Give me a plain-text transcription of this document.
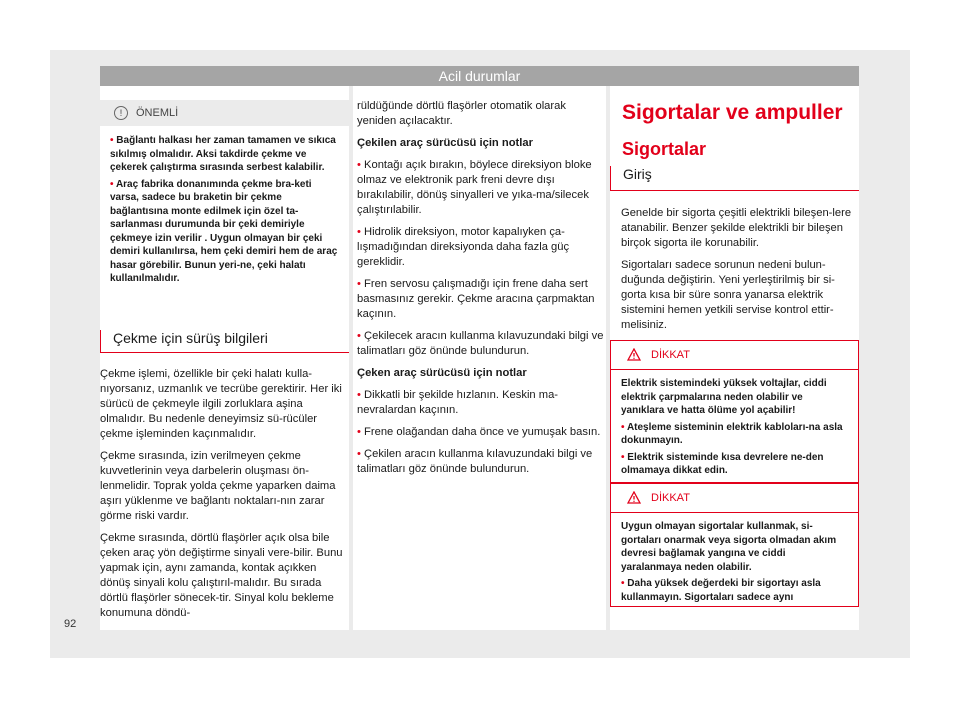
Acil durumlar
! ÖNEMLİ

• Bağlantı halkası her zaman tamamen ve sıkıca sıkılmış olmalıdır. Aksi takdirde çekme ve çekerek çalıştırma sırasında serbest kalabilir.

• Araç fabrika donanımında çekme bra-keti varsa, sadece bu braketin bir çekme bağlantısına monte edilmek için özel ta-sarlanması durumunda bir çeki demiriyle çekmeye izin verilir . Uygun olmayan bir çeki demiri kullanılırsa, hem çeki demiri hem de araç hasar görebilir. Bunun yeri-ne, çeki halatı kullanılmalıdır.

Çekme için sürüş bilgileri

Çekme işlemi, özellikle bir çeki halatı kulla-nıyorsanız, uzmanlık ve tecrübe gerektirir. Her iki sürücü de çekmeyle ilgili zorluklara aşina olmalıdır. Bu nedenle deneyimsiz sü-rücüler çekme işleminden kaçınmalıdır.

Çekme sırasında, izin verilmeyen çekme kuvvetlerinin veya darbelerin oluşması ön-lenmelidir. Toprak yolda çekme yaparken daima aşırı yüklenme ve bağlantı noktaları-nın zarar görme riski vardır.

Çekme sırasında, dörtlü flaşörler açık olsa bile çeken araç yön değiştirme sinyali vere-bilir. Bunu yapmak için, aynı zamanda, kontak açıkken dönüş sinyali kolu çalıştırıl-malıdır. Bu sırada dörtlü flaşörler sönecek-tir. Sinyal kolu bekleme konumuna döndü-

rüldüğünde dörtlü flaşörler otomatik olarak yeniden açılacaktır.

Çekilen araç sürücüsü için notlar

• Kontağı açık bırakın, böylece direksiyon bloke olmaz ve elektronik park freni devre dışı bırakılabilir, dönüş sinyalleri ve yıka-ma/silecek çalıştırılabilir.

• Hidrolik direksiyon, motor kapalıyken ça-lışmadığından direksiyonda daha fazla güç gereklidir.

• Fren servosu çalışmadığı için frene daha sert basmasınız gerekir. Çekme aracına çarpmaktan kaçının.

• Çekilecek aracın kullanma kılavuzundaki bilgi ve talimatları göz önünde bulundurun.

Çeken araç sürücüsü için notlar

• Dikkatli bir şekilde hızlanın. Keskin ma-nevralardan kaçının.

• Frene olağandan daha önce ve yumuşak basın.

• Çekilen aracın kullanma kılavuzundaki bilgi ve talimatları göz önünde bulundurun.

Sigortalar ve ampuller
Sigortalar
Giriş

Genelde bir sigorta çeşitli elektrikli bileşen-lere atanabilir. Benzer şekilde elektrikli bir bileşen birçok sigorta ile korunabilir.

Sigortaları sadece sorunun nedeni bulun-duğunda değiştirin. Yeni yerleştirilmiş bir si-gorta kısa bir süre sonra yanarsa elektrik sistemini hemen yetkili servise kontrol ettir-melisiniz.

DİKKAT

Elektrik sistemindeki yüksek voltajlar, ciddi elektrik çarpmalarına neden olabilir ve yanıklara ve hatta ölüme yol açabilir!

• Ateşleme sisteminin elektrik kabloları-na asla dokunmayın.

• Elektrik sisteminde kısa devrelere ne-den olmamaya dikkat edin.

DİKKAT

Uygun olmayan sigortalar kullanmak, si-gortaları onarmak veya sigorta olmadan akım devresi bağlamak yangına ve ciddi yaralanmaya neden olabilir.

• Daha yüksek değerdeki bir sigortayı asla kullanmayın. Sigortaları sadece aynı

92
